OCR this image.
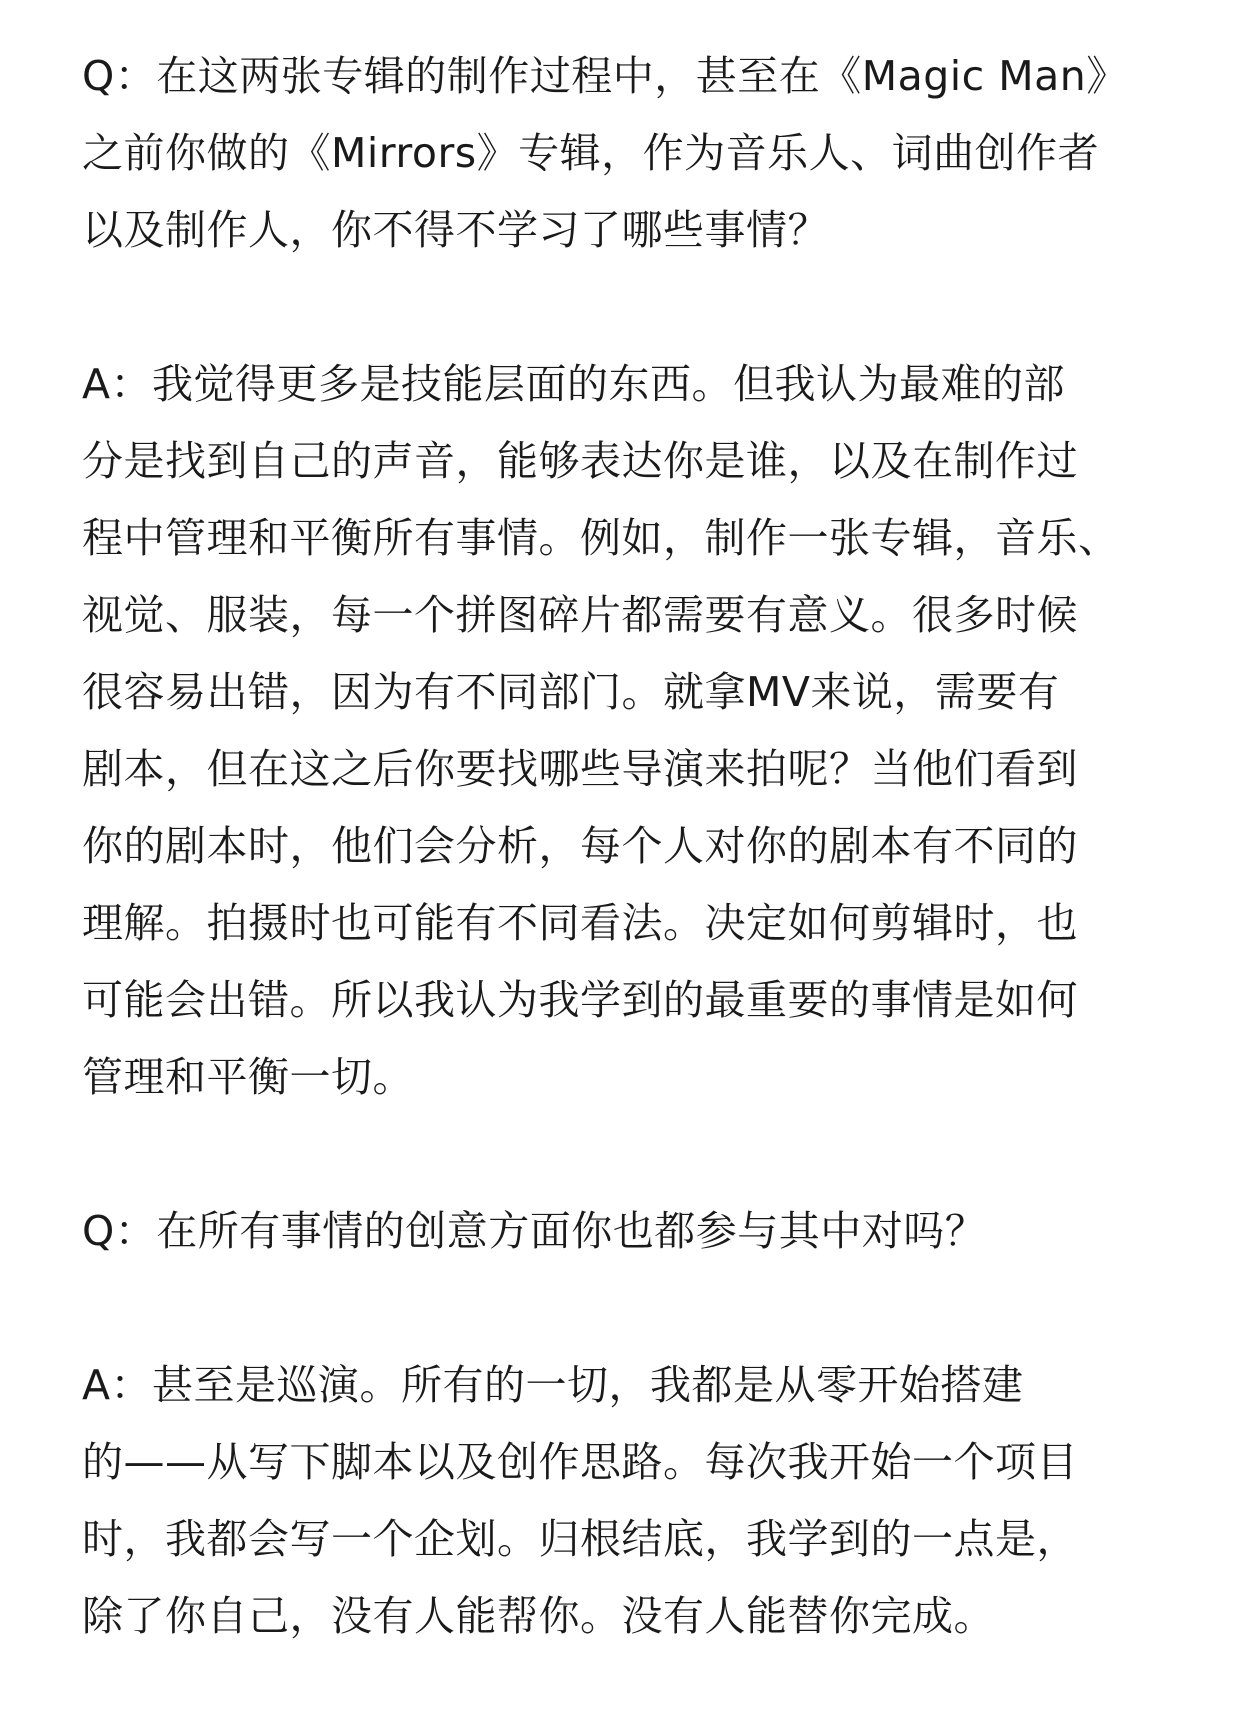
Q：在这两张专辑的制作过程中，甚至在《Magic Man》
之前你做的《Mirrors》专辑，作为音乐人、词曲创作者
以及制作人，你不得不学习了哪些事情？
A：我觉得更多是技能层面的东西。但我认为最难的部
分是找到自己的声音，能够表达你是谁，以及在制作过
程中管理和平衡所有事情。例如，制作一张专辑，音乐、
视觉、服装，每一个拼图碎片都需要有意义。很多时候
很容易出错，因为有不同部门。就拿MV来说，需要有
剧本，但在这之后你要找哪些导演来拍呢？当他们看到
你的剧本时，他们会分析，每个人对你的剧本有不同的
理解。拍摄时也可能有不同看法。决定如何剪辑时，也
可能会出错。所以我认为我学到的最重要的事情是如何
管理和平衡一切。
Q：在所有事情的创意方面你也都参与其中对吗？
A：甚至是巡演。所有的一切，我都是从零开始搭建
的——从写下脚本以及创作思路。每次我开始一个项目
时，我都会写一个企划。归根结底，我学到的一点是，
除了你自己，没有人能帮你。没有人能替你完成。
